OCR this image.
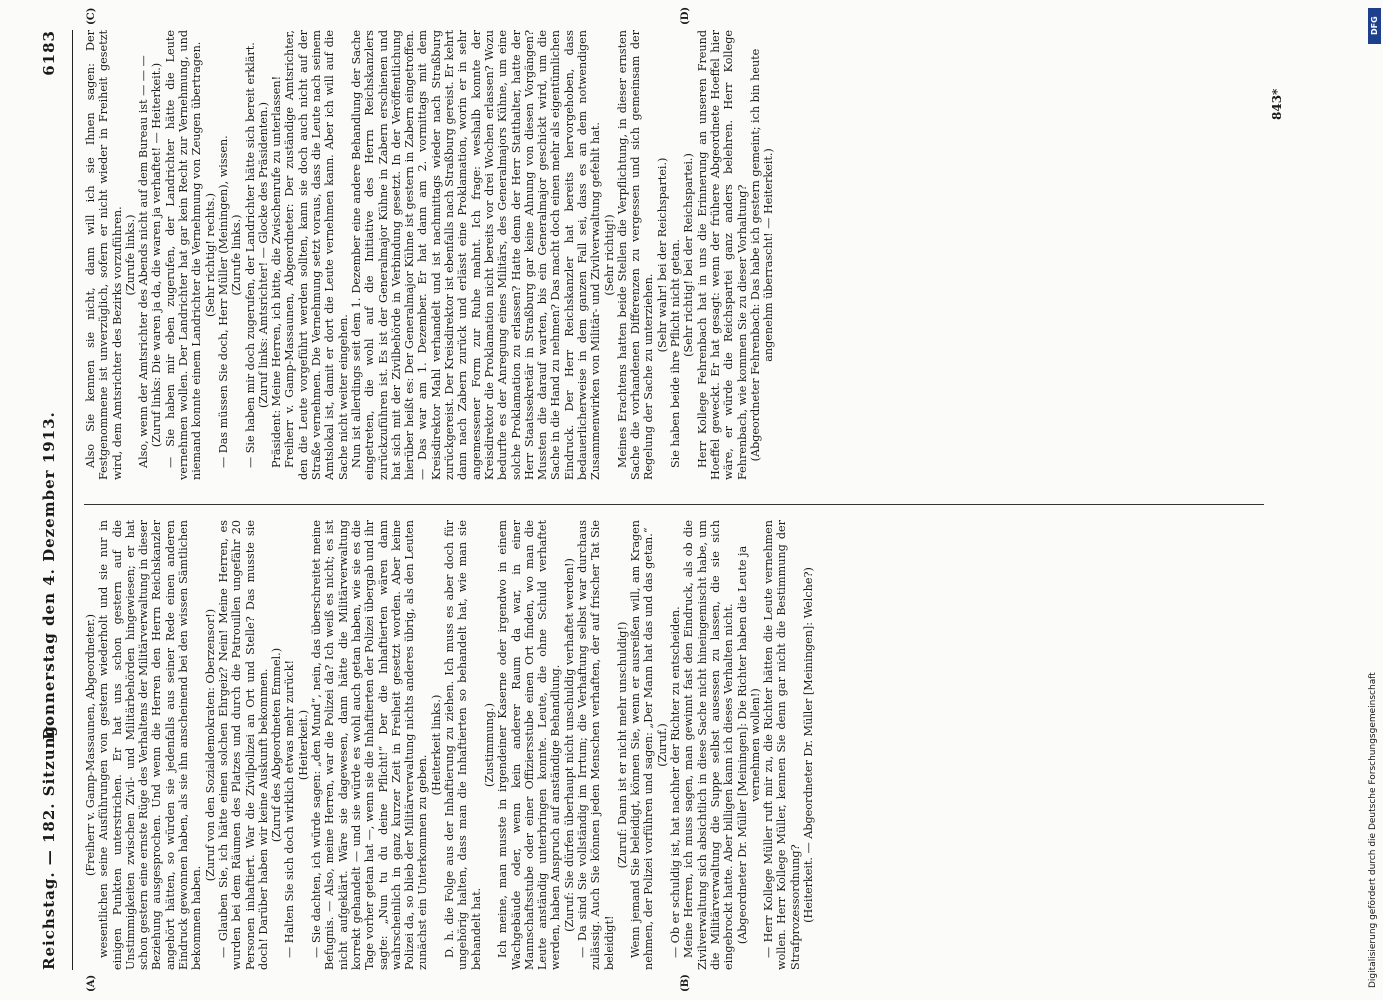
Reichstag. — 182. Sitzung.
Donnerstag den 4. Dezember 1913.
6183
(A)	(B)
(C)	(D)

(Freiherr v. Gamp-Massaunen, Abgeordneter.) wesentlichen seine Ausführungen von gestern wiederholt und sie nur in einigen Punkten unterstrichen. Er hat uns schon gestern auf die Unstimmigkeiten zwischen Zivil- und Militärbehörden hingewiesen; er hat schon gestern eine ernste Rüge des Verhaltens der Militärverwaltung in dieser Beziehung ausgesprochen. Und wenn die Herren den Herrn Reichskanzler angehört hätten, so würden sie jedenfalls aus seiner Rede einen anderen Eindruck gewonnen haben, als sie ihn anscheinend bei den wissen Sämtlichen bekommen haben.

(Zuruf von den Sozialdemokraten: Oberzensor!) — Glauben Sie, ich hätte einen solchen Ehrgeiz? Nein! Meine Herren, es wurden bei dem Räumen des Platzes und durch die Patrouillen ungefähr 20 Personen inhaftiert. War die Zivilpolizei an Ort und Stelle? Das musste sie doch! Darüber haben wir keine Auskunft bekommen. (Zuruf des Abgeordneten Emmel.) — Halten Sie sich doch wirklich etwas mehr zurück! (Heiterkeit.) — Sie dachten, ich würde sagen: „den Mund“, nein, das überschreitet meine Befugnis. — Also, meine Herren, war die Polizei da? Ich weiß es nicht; es ist nicht aufgeklärt. Wäre sie dagewesen, dann hätte die Militärverwaltung korrekt gehandelt — und sie würde es wohl auch getan haben, wie sie es die Tage vorher getan hat —, wenn sie die Inhaftierten der Polizei übergab und ihr sagte: „Nun tu du deine Pflicht!“ Der die Inhaftierten wären dann wahrscheinlich in ganz kurzer Zeit in Freiheit gesetzt worden. Aber keine Polizei da, so blieb der Militärverwaltung nichts anderes übrig, als den Leuten zunächst ein Unterkommen zu geben.

(Heiterkeit links.) D. h. die Folge aus der Inhaftierung zu ziehen. Ich muss es aber doch für ungehörig halten, dass man die Inhaftierten so behandelt hat, wie man sie behandelt hat.

(Zustimmung.) Ich meine, man musste in irgendeiner Kaserne oder irgendwo in einem Wachgebäude oder, wenn kein anderer Raum da war, in einer Mannschaftsstube oder einer Offiziersstube einen Ort finden, wo man die Leute anständig unterbringen konnte. Leute, die ohne Schuld verhaftet werden, haben Anspruch auf anständige Behandlung. (Zuruf: Sie dürfen überhaupt nicht unschuldig verhaftet werden!) — Da sind Sie vollständig im Irrtum; die Verhaftung selbst war durchaus zulässig. Auch Sie können jeden Menschen verhaften, der auf frischer Tat Sie beleidigt!

(Zuruf: Dann ist er nicht mehr unschuldig!) Wenn jemand Sie beleidigt, können Sie, wenn er ausreißen will, am Kragen nehmen, der Polizei vorführen und sagen: „Der Mann hat das und das getan.“ (Zuruf.) — Ob er schuldig ist, hat nachher der Richter zu entscheiden. Meine Herren, ich muss sagen, man gewinnt fast den Eindruck, als ob die Zivilverwaltung sich absichtlich in diese Sache nicht hineingemischt habe, um die Militärverwaltung die Suppe selbst ausessen zu lassen, die sie sich eingebrockt hatte. Aber billigen kann ich dieses Verhalten nicht. (Abgeordneter Dr. Müller [Meiningen]: Die Richter haben die Leute ja vernehmen wollen!) — Herr Kollege Müller ruft mir zu, die Richter hätten die Leute vernehmen wollen. Herr Kollege Müller, kennen Sie denn gar nicht die Bestimmung der Strafprozessordnung? (Heiterkeit. — Abgeordneter Dr. Müller [Meiningen]: Welche?)

Also Sie kennen sie nicht, dann will ich sie Ihnen sagen: Der Festgenommene ist unverzüglich, sofern er nicht wieder in Freiheit gesetzt wird, dem Amtsrichter des Bezirks vorzuführen. (Zurufe links.) Also, wenn der Amtsrichter des Abends nicht auf dem Bureau ist — — — (Zuruf links: Die waren ja da, die waren ja verhaftet! — Heiterkeit.) — Sie haben mir eben zugerufen, der Landrichter hätte die Leute vernehmen wollen. Der Landrichter hat gar kein Recht zur Vernehmung, und niemand konnte einem Landrichter die Vernehmung von Zeugen übertragen. (Sehr richtig! rechts.) — Das müssen Sie doch, Herr Müller (Meiningen), wissen. (Zurufe links.) — Sie haben mir doch zugerufen, der Landrichter hätte sich bereit erklärt. (Zuruf links: Amtsrichter! — Glocke des Präsidenten.) Präsident: Meine Herren, ich bitte, die Zwischenrufe zu unterlassen! Freiherr v. Gamp-Massaunen, Abgeordneter: Der zuständige Amtsrichter, den die Leute vorgeführt werden sollten, kann sie doch auch nicht auf der Straße vernehmen. Die Vernehmung setzt voraus, dass die Leute nach seinem Amtslokal ist, damit er dort die Leute vernehmen kann. Aber ich will auf die Sache nicht weiter eingehen. Nun ist allerdings seit dem 1. Dezember eine andere Behandlung der Sache eingetreten, die wohl auf die Initiative des Herrn Reichskanzlers zurückzuführen ist. Es ist der Generalmajor Kühne in Zabern erschienen und hat sich mit der Zivilbehörde in Verbindung gesetzt. In der Veröffentlichung hierüber heißt es: Der Generalmajor Kühne ist gestern in Zabern eingetroffen. — Das war am 1. Dezember. Er hat dann am 2. vormittags mit dem Kreisdirektor Mahl verhandelt und ist nachmittags wieder nach Straßburg zurückgereist. Der Kreisdirektor ist ebenfalls nach Straßburg gereist. Er kehrt dann nach Zabern zurück und erlässt eine Proklamation, worin er in sehr angemessener Form zur Ruhe mahnt. Ich frage: weshalb konnte der Kreisdirektor die Proklamation nicht bereits vor drei Wochen erlassen? Wozu bedurfte es der Anregung eines Militärs, des Generalmajors Kühne, um eine solche Proklamation zu erlassen? Hatte denn der Herr Statthalter, hatte der Herr Staatssekretär in Straßburg gar keine Ahnung von diesen Vorgängen? Mussten die darauf warten, bis ein Generalmajor geschickt wird, um die Sache in die Hand zu nehmen? Das macht doch einen mehr als eigentümlichen Eindruck. Der Herr Reichskanzler hat bereits hervorgehoben, dass bedauerlicherweise in dem ganzen Fall sei, dass es an dem notwendigen Zusammenwirken von Militär- und Zivilverwaltung gefehlt hat. (Sehr richtig!) Meines Erachtens hatten beide Stellen die Verpflichtung, in dieser ernsten Sache die vorhandenen Differenzen zu vergessen und sich gemeinsam der Regelung der Sache zu unterziehen.

(Sehr wahr! bei der Reichspartei.) Sie haben beide ihre Pflicht nicht getan. (Sehr richtig! bei der Reichspartei.) Herr Kollege Fehrenbach hat in uns die Erinnerung an unseren Freund Hoeffel geweckt. Er hat gesagt: wenn der frühere Abgeordnete Hoeffel hier wäre, er würde die Reichspartei ganz anders belehren. Herr Kollege Fehrenbach, wie kommen Sie zu dieser Vorhaltung? (Abgeordneter Fehrenbach: Das habe ich gestern gemeint; ich bin heute angenehm überrascht! — Heiterkeit.)

843*
DFG
Digitalisierung gefördert durch die Deutsche Forschungsgemeinschaft
